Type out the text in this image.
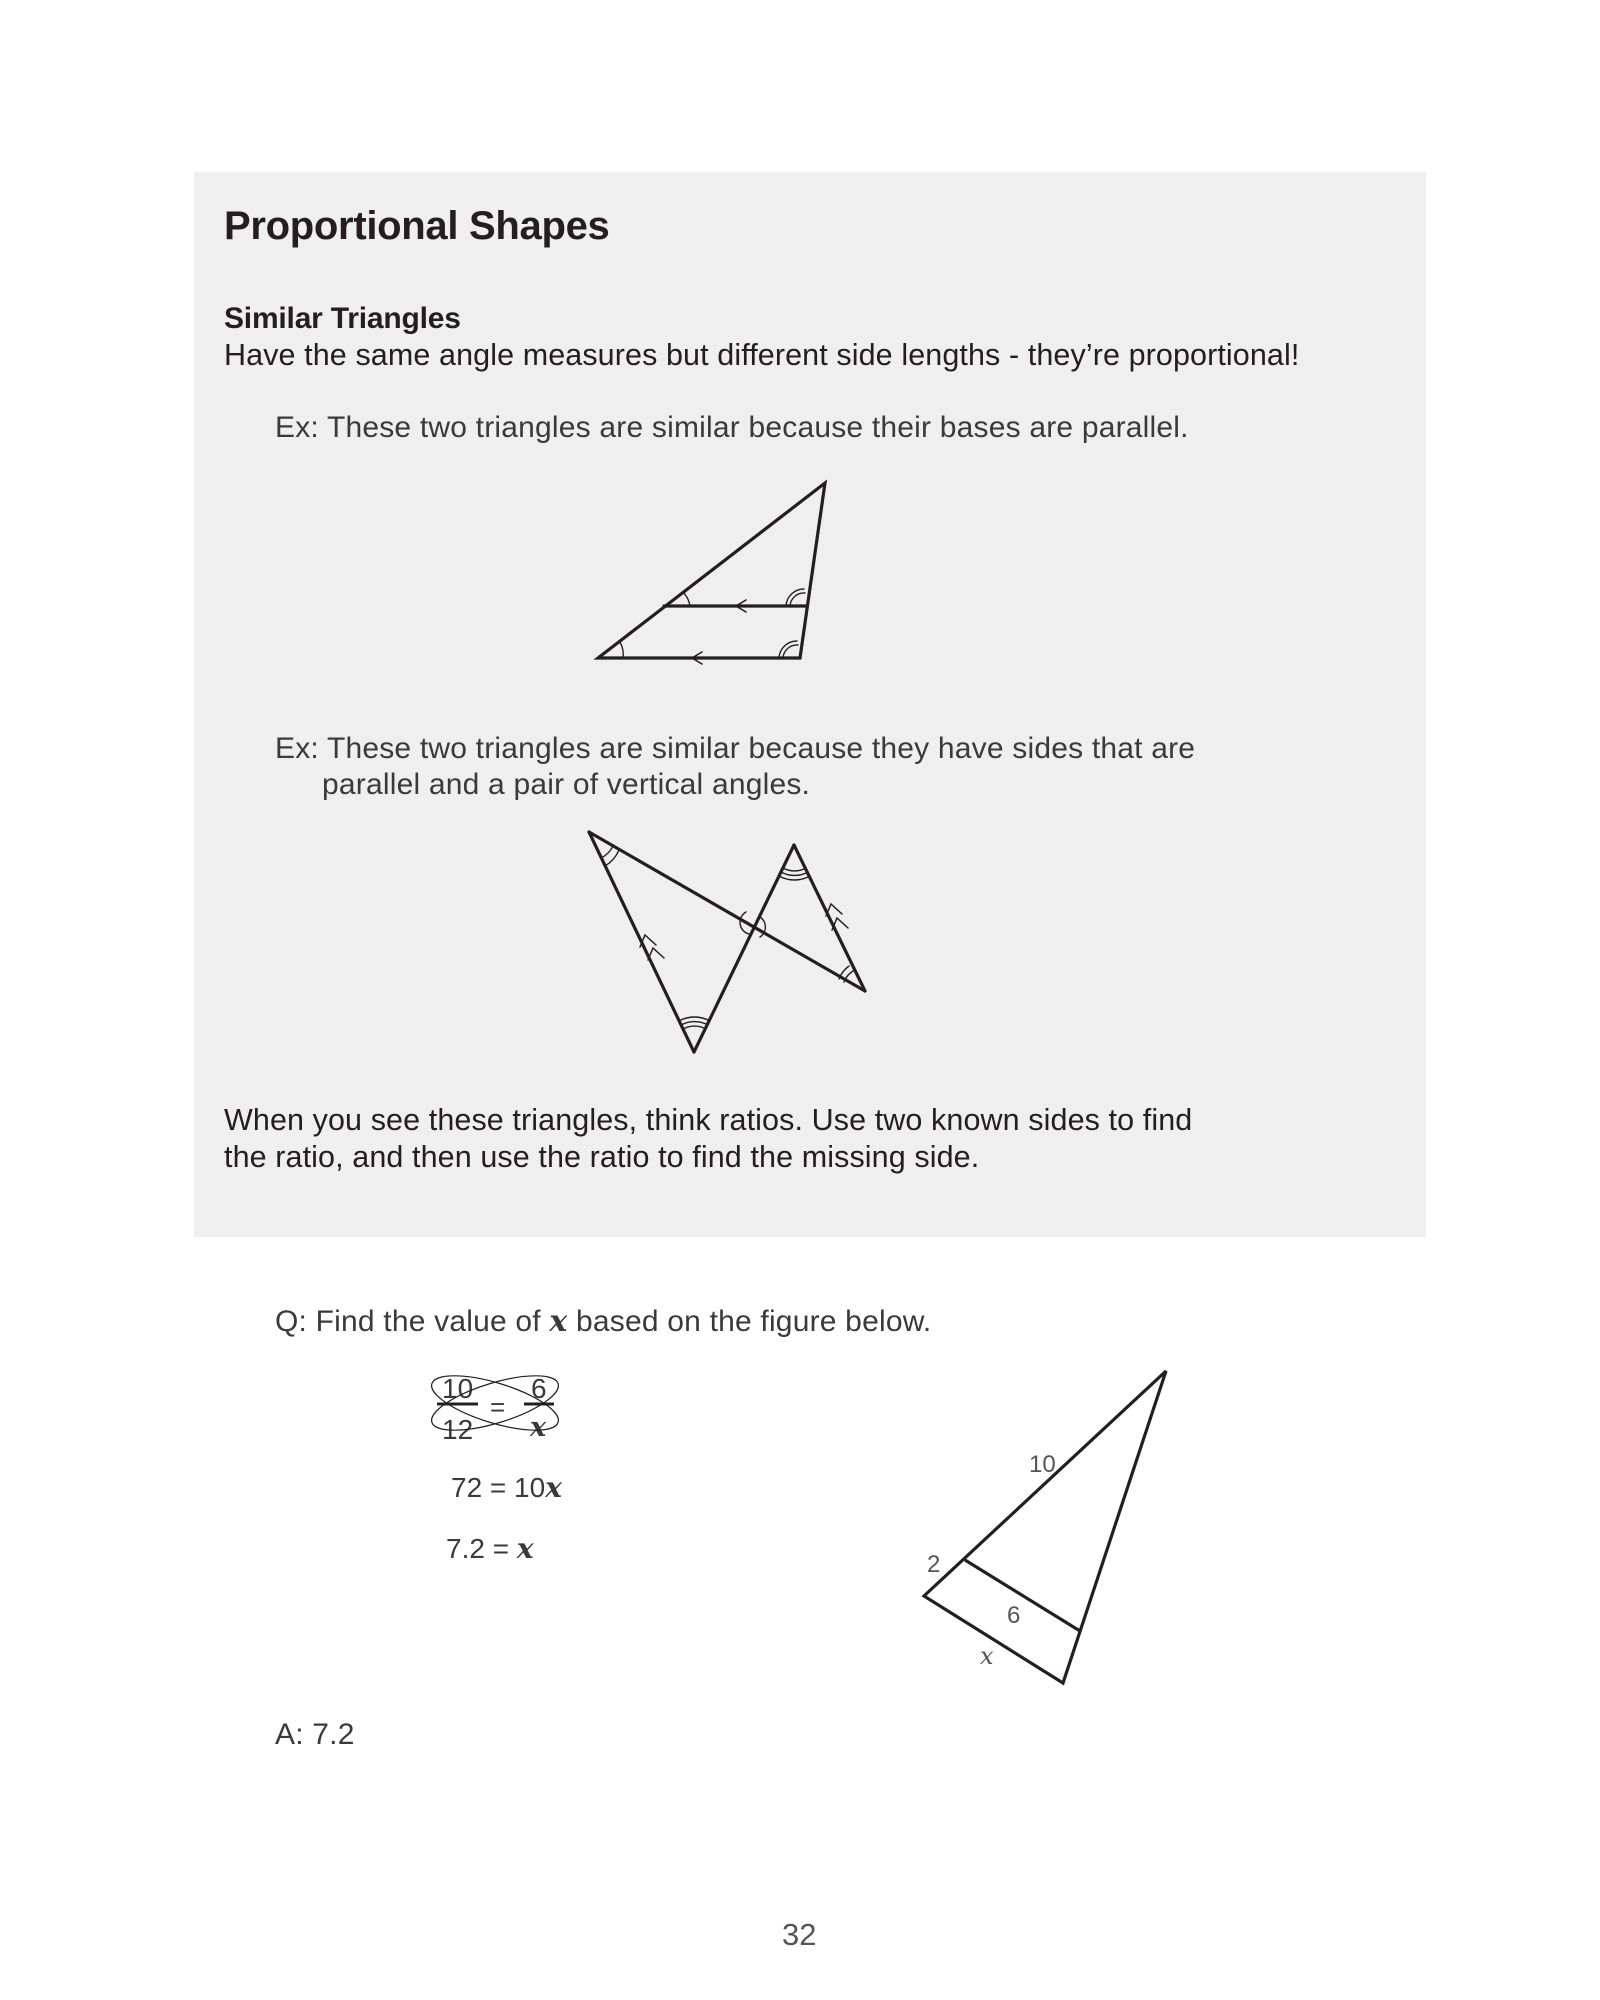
Proportional Shapes
Similar Triangles
Have the same angle measures but different side lengths - they’re proportional!
Ex: These two triangles are similar because their bases are parallel.
Ex: These two triangles are similar because they have sides that are
parallel and a pair of vertical angles.
When you see these triangles, think ratios. Use two known sides to find
the ratio, and then use the ratio to find the missing side.
Q: Find the value of x based on the figure below.
10
12
=
6
x
72 = 10x
7.2 = x
A: 7.2
32
10
2
6
x
